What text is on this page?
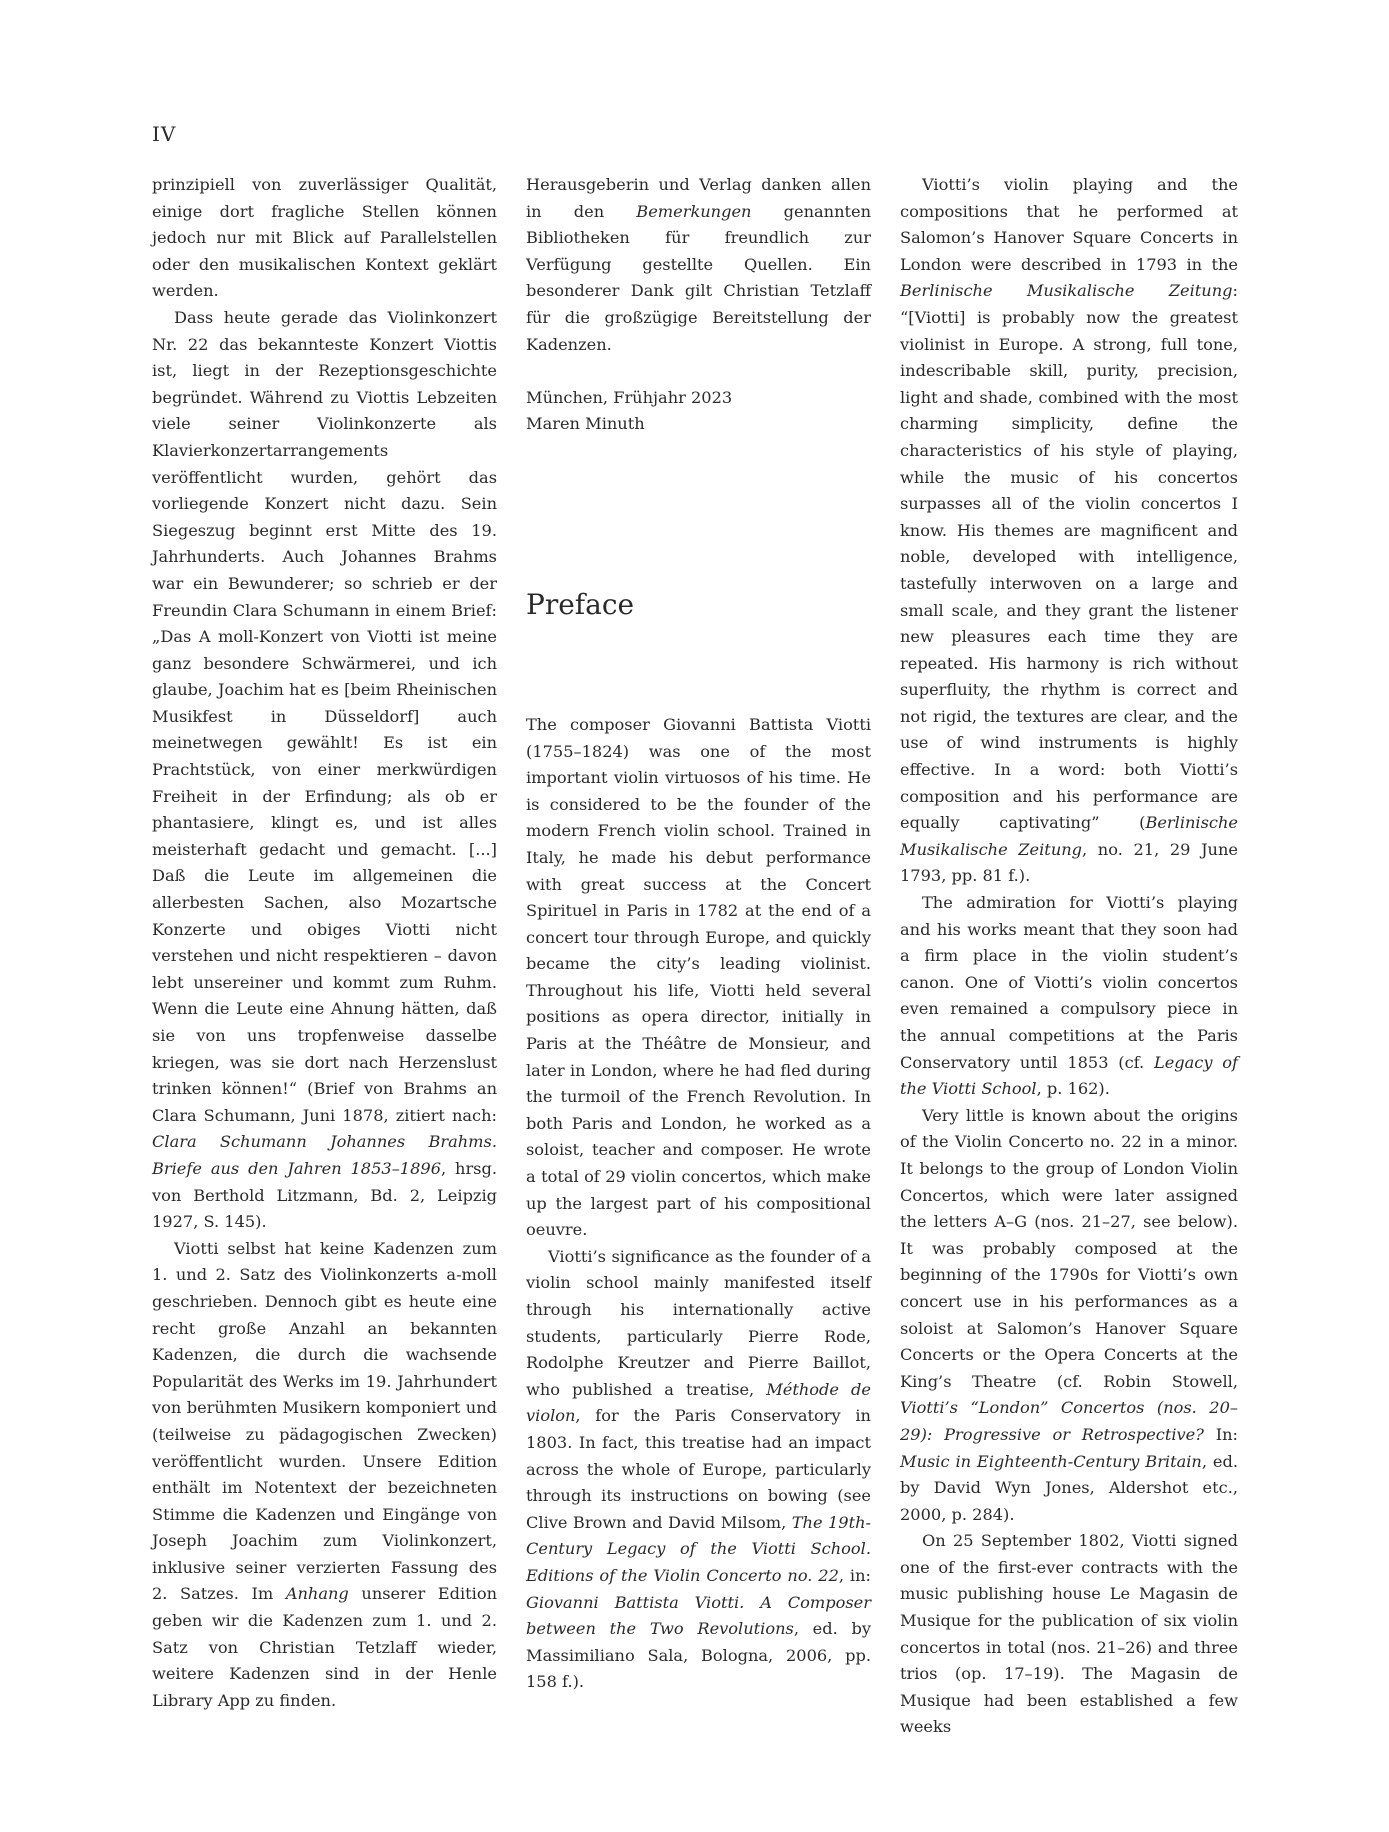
IV

prinzipiell von zuverlässiger Qualität, einige dort fragliche Stellen können jedoch nur mit Blick auf Parallelstellen oder den musikalischen Kontext geklärt werden.

Dass heute gerade das Violinkonzert Nr. 22 das bekannteste Konzert Viottis ist, liegt in der Rezeptionsgeschichte begründet. Während zu Viottis Lebzeiten viele seiner Violinkonzerte als Klavierkonzertarrangements veröffentlicht wurden, gehört das vorliegende Konzert nicht dazu. Sein Siegeszug beginnt erst Mitte des 19. Jahrhunderts. Auch Johannes Brahms war ein Bewunderer; so schrieb er der Freundin Clara Schumann in einem Brief: „Das A moll-Konzert von Viotti ist meine ganz besondere Schwärmerei, und ich glaube, Joachim hat es [beim Rheinischen Musikfest in Düsseldorf] auch meinetwegen gewählt! Es ist ein Prachtstück, von einer merkwürdigen Freiheit in der Erfindung; als ob er phantasiere, klingt es, und ist alles meisterhaft gedacht und gemacht. [...] Daß die Leute im allgemeinen die allerbesten Sachen, also Mozartsche Konzerte und obiges Viotti nicht verstehen und nicht respektieren – davon lebt unsereiner und kommt zum Ruhm. Wenn die Leute eine Ahnung hätten, daß sie von uns tropfenweise dasselbe kriegen, was sie dort nach Herzenslust trinken können!“ (Brief von Brahms an Clara Schumann, Juni 1878, zitiert nach: Clara Schumann Johannes Brahms. Briefe aus den Jahren 1853–1896, hrsg. von Berthold Litzmann, Bd. 2, Leipzig 1927, S. 145).

Viotti selbst hat keine Kadenzen zum 1. und 2. Satz des Violinkonzerts a-moll geschrieben. Dennoch gibt es heute eine recht große Anzahl an bekannten Kadenzen, die durch die wachsende Popularität des Werks im 19. Jahrhundert von berühmten Musikern komponiert und (teilweise zu pädagogischen Zwecken) veröffentlicht wurden. Unsere Edition enthält im Notentext der bezeichneten Stimme die Kadenzen und Eingänge von Joseph Joachim zum Violinkonzert, inklusive seiner verzierten Fassung des 2. Satzes. Im Anhang unserer Edition geben wir die Kadenzen zum 1. und 2. Satz von Christian Tetzlaff wieder, weitere Kadenzen sind in der Henle Library App zu finden.

Herausgeberin und Verlag danken allen in den Bemerkungen genannten Bibliotheken für freundlich zur Verfügung gestellte Quellen. Ein besonderer Dank gilt Christian Tetzlaff für die großzügige Bereitstellung der Kadenzen.

München, Frühjahr 2023

Maren Minuth

Preface

The composer Giovanni Battista Viotti (1755–1824) was one of the most important violin virtuosos of his time. He is considered to be the founder of the modern French violin school. Trained in Italy, he made his debut performance with great success at the Concert Spirituel in Paris in 1782 at the end of a concert tour through Europe, and quickly became the city’s leading violinist. Throughout his life, Viotti held several positions as opera director, initially in Paris at the Théâtre de Monsieur, and later in London, where he had fled during the turmoil of the French Revolution. In both Paris and London, he worked as a soloist, teacher and composer. He wrote a total of 29 violin concertos, which make up the largest part of his compositional oeuvre.

Viotti’s significance as the founder of a violin school mainly manifested itself through his internationally active students, particularly Pierre Rode, Rodolphe Kreutzer and Pierre Baillot, who published a treatise, Méthode de violon, for the Paris Conservatory in 1803. In fact, this treatise had an impact across the whole of Europe, particularly through its instructions on bowing (see Clive Brown and David Milsom, The 19th-Century Legacy of the Viotti School. Editions of the Violin Concerto no. 22, in: Giovanni Battista Viotti. A Composer between the Two Revolutions, ed. by Massimiliano Sala, Bologna, 2006, pp. 158 f.).

Viotti’s violin playing and the compositions that he performed at Salomon’s Hanover Square Concerts in London were described in 1793 in the Berlinische Musikalische Zeitung: “[Viotti] is probably now the greatest violinist in Europe. A strong, full tone, indescribable skill, purity, precision, light and shade, combined with the most charming simplicity, define the characteristics of his style of playing, while the music of his concertos surpasses all of the violin concertos I know. His themes are magnificent and noble, developed with intelligence, tastefully interwoven on a large and small scale, and they grant the listener new pleasures each time they are repeated. His harmony is rich without superfluity, the rhythm is correct and not rigid, the textures are clear, and the use of wind instruments is highly effective. In a word: both Viotti’s composition and his performance are equally captivating” (Berlinische Musikalische Zeitung, no. 21, 29 June 1793, pp. 81 f.).

The admiration for Viotti’s playing and his works meant that they soon had a firm place in the violin student’s canon. One of Viotti’s violin concertos even remained a compulsory piece in the annual competitions at the Paris Conservatory until 1853 (cf. Legacy of the Viotti School, p. 162).

Very little is known about the origins of the Violin Concerto no. 22 in a minor. It belongs to the group of London Violin Concertos, which were later assigned the letters A–G (nos. 21–27, see below). It was probably composed at the beginning of the 1790s for Viotti’s own concert use in his performances as a soloist at Salomon’s Hanover Square Concerts or the Opera Concerts at the King’s Theatre (cf. Robin Stowell, Viotti’s “London” Concertos (nos. 20–29): Progressive or Retrospective? In: Music in Eighteenth-Century Britain, ed. by David Wyn Jones, Aldershot etc., 2000, p. 284).

On 25 September 1802, Viotti signed one of the first-ever contracts with the music publishing house Le Magasin de Musique for the publication of six violin concertos in total (nos. 21–26) and three trios (op. 17–19). The Magasin de Musique had been established a few weeks
